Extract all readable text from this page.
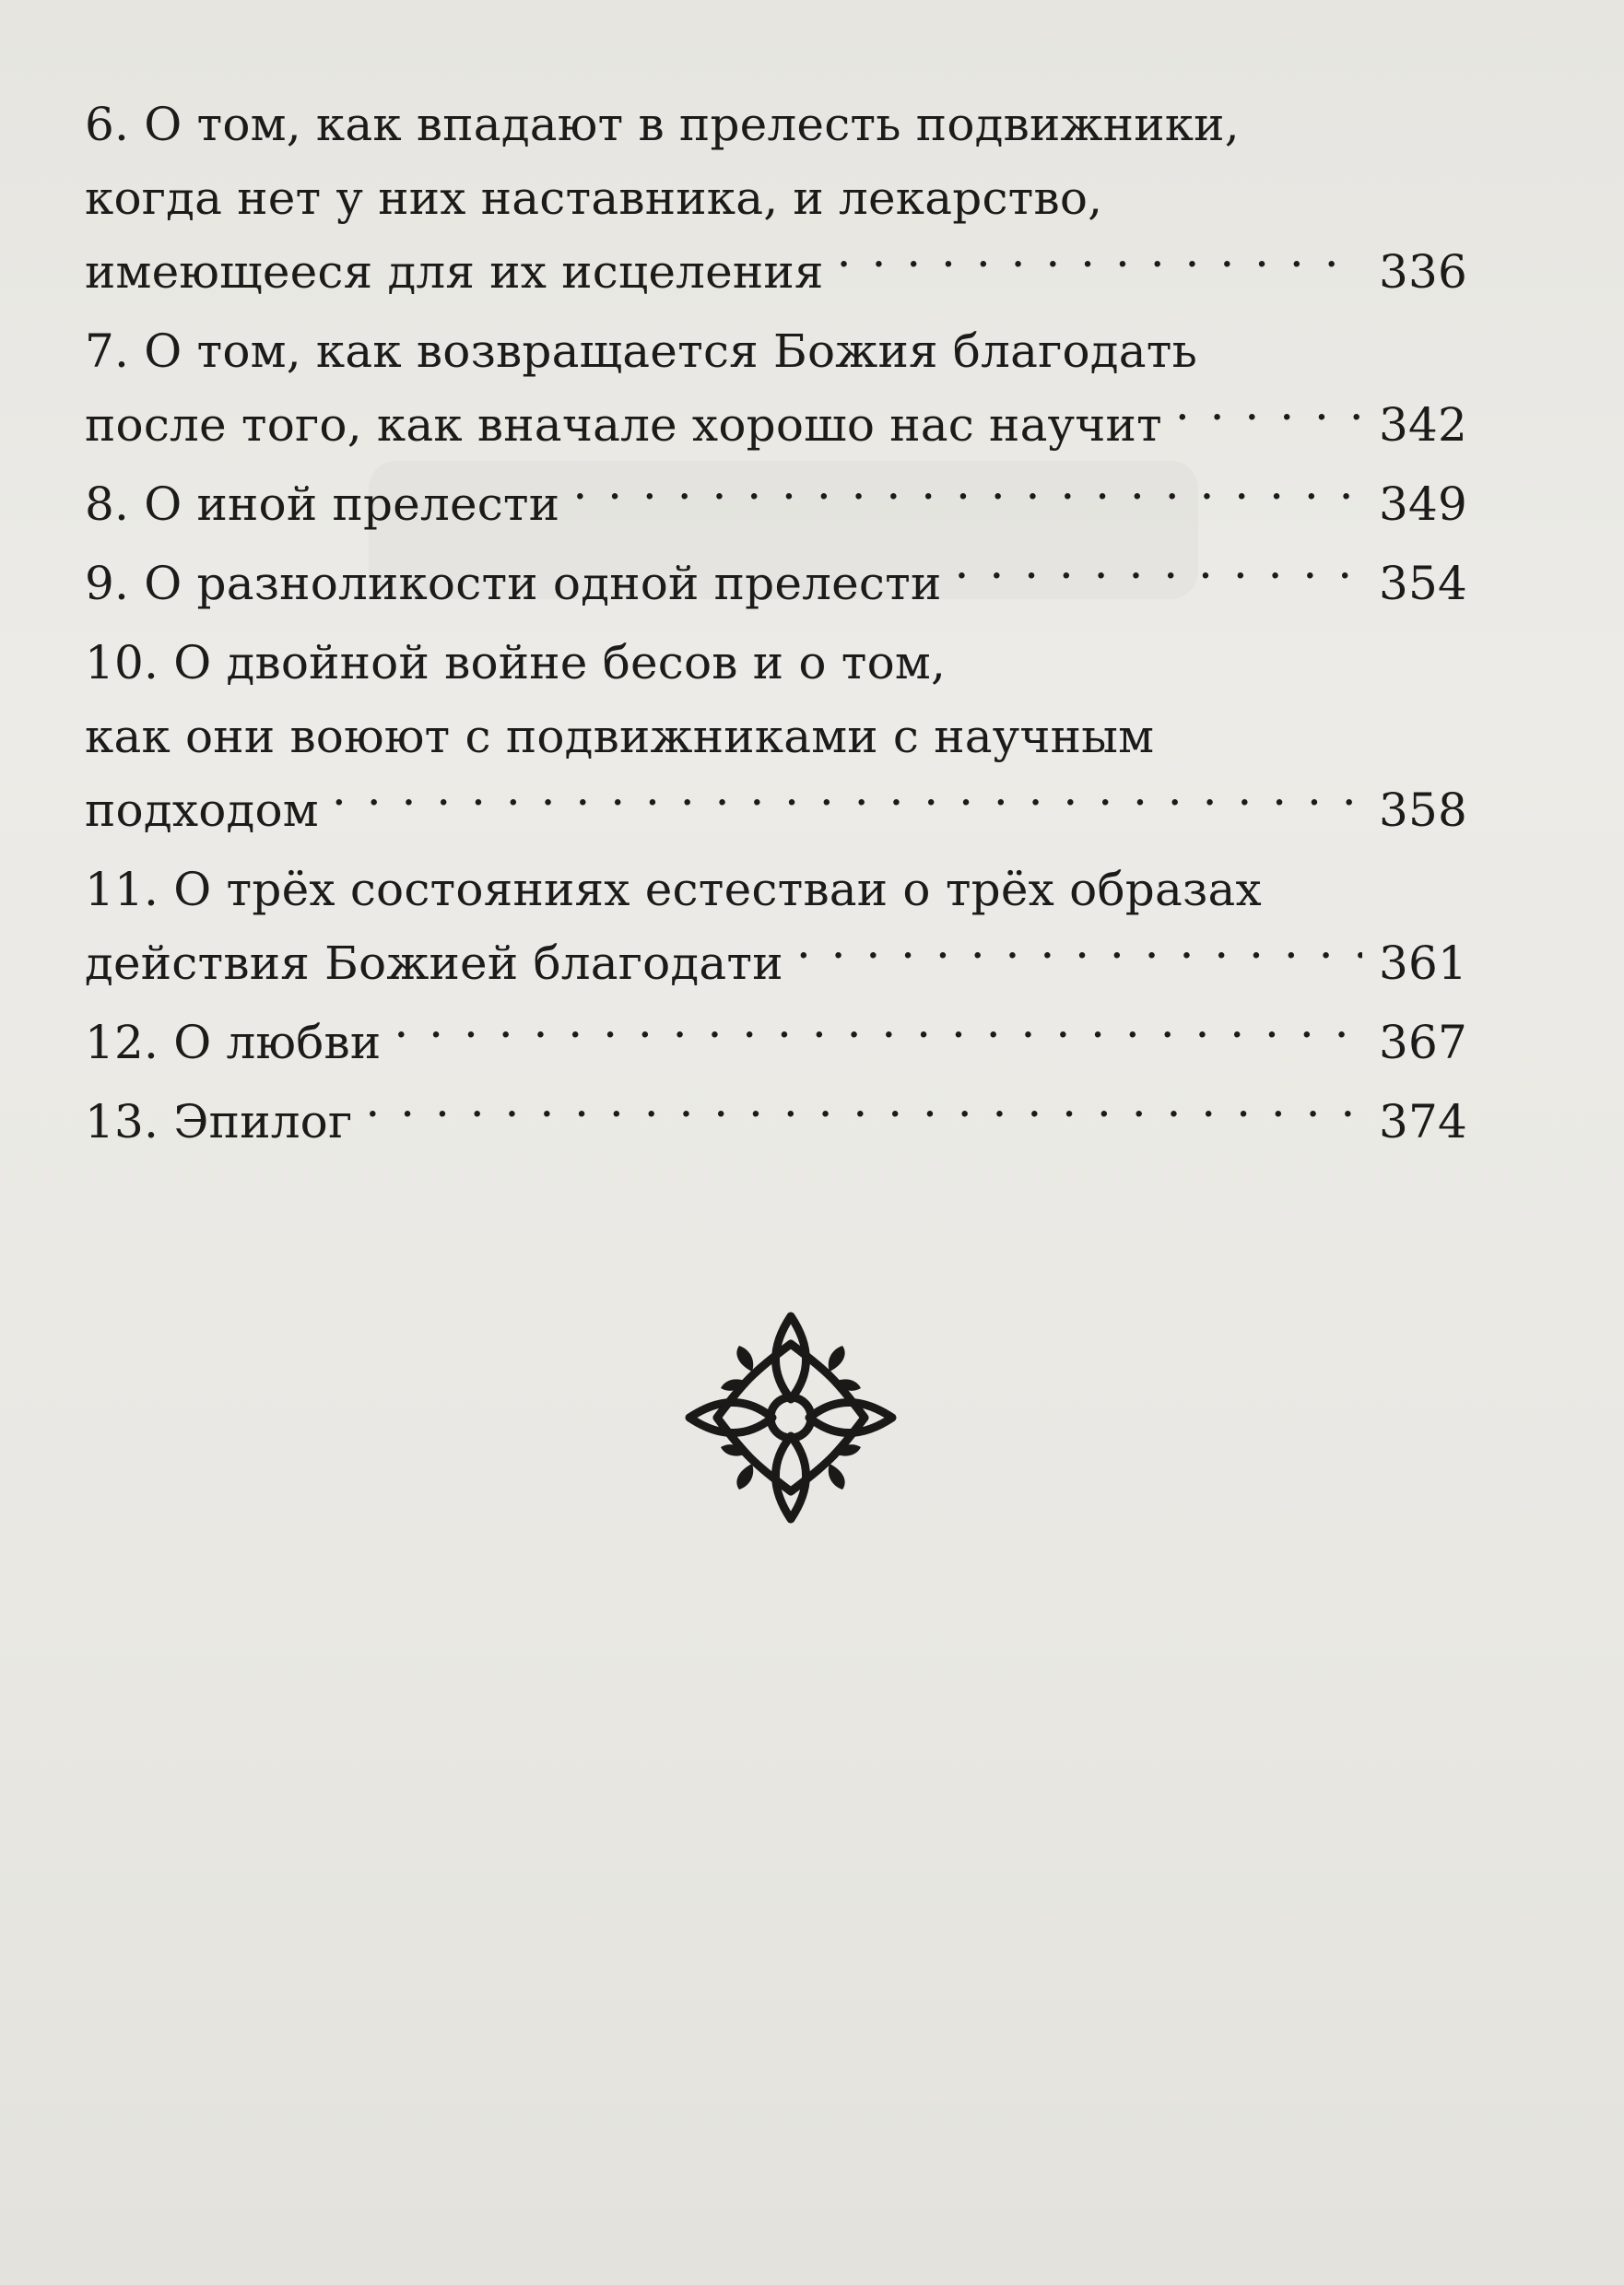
6. О том, как впадают в прелесть подвижники,
когда нет у них наставника, и лекарство,
имеющееся для их исцеления . . .	336

7. О том, как возвращается Божия благодать
после того, как вначале хорошо нас научит . . .	342

8. О иной прелести . . .	349

9. О разноликости одной прелести . . .	354

10. О двойной войне бесов и о том,
как они воюют с подвижниками с научным
подходом . . .	358

11. О трёх состояниях естестваи о трёх образах
действия Божией благодати . . .	361

12. О любви . . .	367

13. Эпилог . . .	374
